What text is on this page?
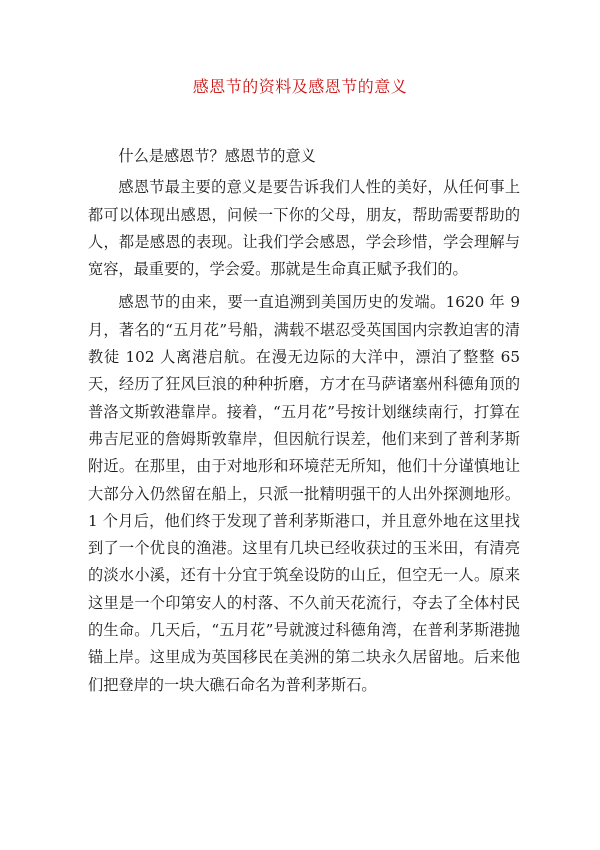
感恩节的资料及感恩节的意义

什么是感恩节？感恩节的意义

感恩节最主要的意义是要告诉我们人性的美好，从任何事上都可以体现出感恩，问候一下你的父母，朋友，帮助需要帮助的人，都是感恩的表现。让我们学会感恩，学会珍惜，学会理解与宽容，最重要的，学会爱。那就是生命真正赋予我们的。

感恩节的由来，要一直追溯到美国历史的发端。1620 年 9 月，著名的“五月花”号船，满载不堪忍受英国国内宗教迫害的清教徒 102 人离港启航。在漫无边际的大洋中，漂泊了整整 65 天，经历了狂风巨浪的种种折磨，方才在马萨诸塞州科德角顶的普洛文斯敦港靠岸。接着，“五月花”号按计划继续南行，打算在弗吉尼亚的詹姆斯敦靠岸，但因航行误差，他们来到了普利茅斯附近。在那里，由于对地形和环境茫无所知，他们十分谨慎地让大部分入仍然留在船上，只派一批精明强干的人出外探测地形。1 个月后，他们终于发现了普利茅斯港口，并且意外地在这里找到了一个优良的渔港。这里有几块已经收获过的玉米田，有清亮的淡水小溪，还有十分宜于筑垒设防的山丘，但空无一人。原来这里是一个印第安人的村落、不久前天花流行，夺去了全体村民的生命。几天后，“五月花”号就渡过科德角湾，在普利茅斯港抛锚上岸。这里成为英国移民在美洲的第二块永久居留地。后来他们把登岸的一块大礁石命名为普利茅斯石。
